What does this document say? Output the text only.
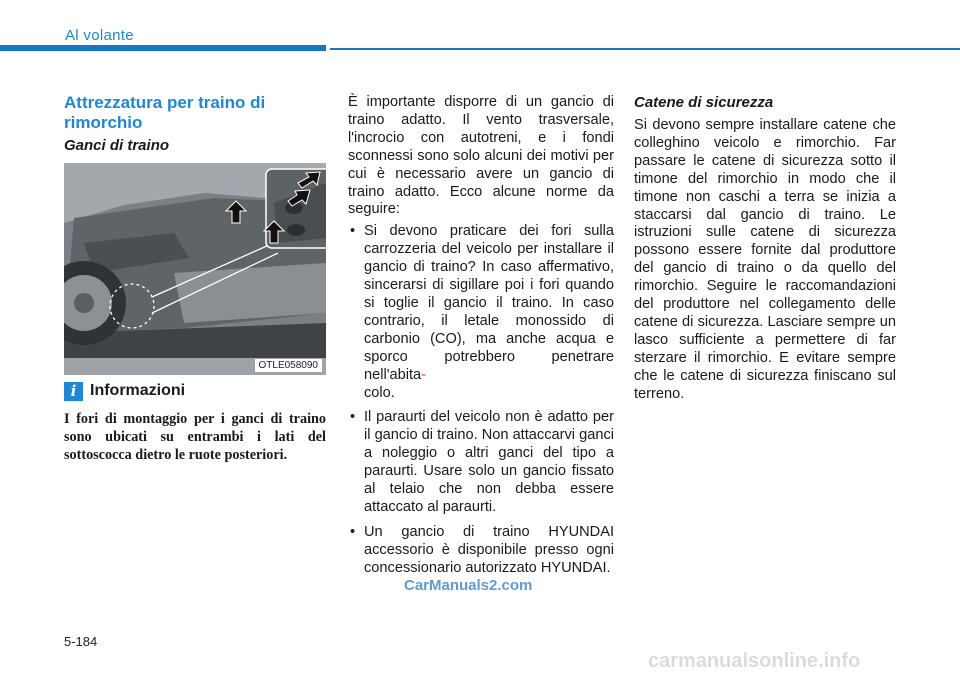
Al volante
Attrezzatura per traino di rimorchio
Ganci di traino
OTLE058090
i Informazioni

I fori di montaggio per i ganci di traino sono ubicati su entrambi i lati del sottoscocca dietro le ruote posteriori.

È importante disporre di un gancio di traino adatto. Il vento trasversale, l'incrocio con autotreni, e i fondi sconnessi sono solo alcuni dei motivi per cui è necessario avere un gancio di traino adatto. Ecco alcune norme da seguire:

• Si devono praticare dei fori sulla carrozzeria del veicolo per installare il gancio di traino? In caso affermativo, sincerarsi di sigillare poi i fori quando si toglie il gancio il traino. In caso contrario, il letale monossido di carbonio (CO), ma anche acqua e sporco potrebbero penetrare nell'abita-
colo.
• Il paraurti del veicolo non è adatto per il gancio di traino. Non attaccarvi ganci a noleggio o altri ganci del tipo a paraurti. Usare solo un gancio fissato al telaio che non debba essere attaccato al paraurti.
• Un gancio di traino HYUNDAI accessorio è disponibile presso ogni concessionario autorizzato HYUNDAI.
Catene di sicurezza

Si devono sempre installare catene che colleghino veicolo e rimorchio. Far passare le catene di sicurezza sotto il timone del rimorchio in modo che il timone non caschi a terra se inizia a staccarsi dal gancio di traino. Le istruzioni sulle catene di sicurezza possono essere fornite dal produttore del gancio di traino o da quello del rimorchio. Seguire le raccomandazioni del produttore nel collegamento delle catene di sicurezza. Lasciare sempre un lasco sufficiente a permettere di far sterzare il rimorchio. E evitare sempre che le catene di sicurezza finiscano sul terreno.

5-184
CarManuals2.com
carmanualsonline.info
